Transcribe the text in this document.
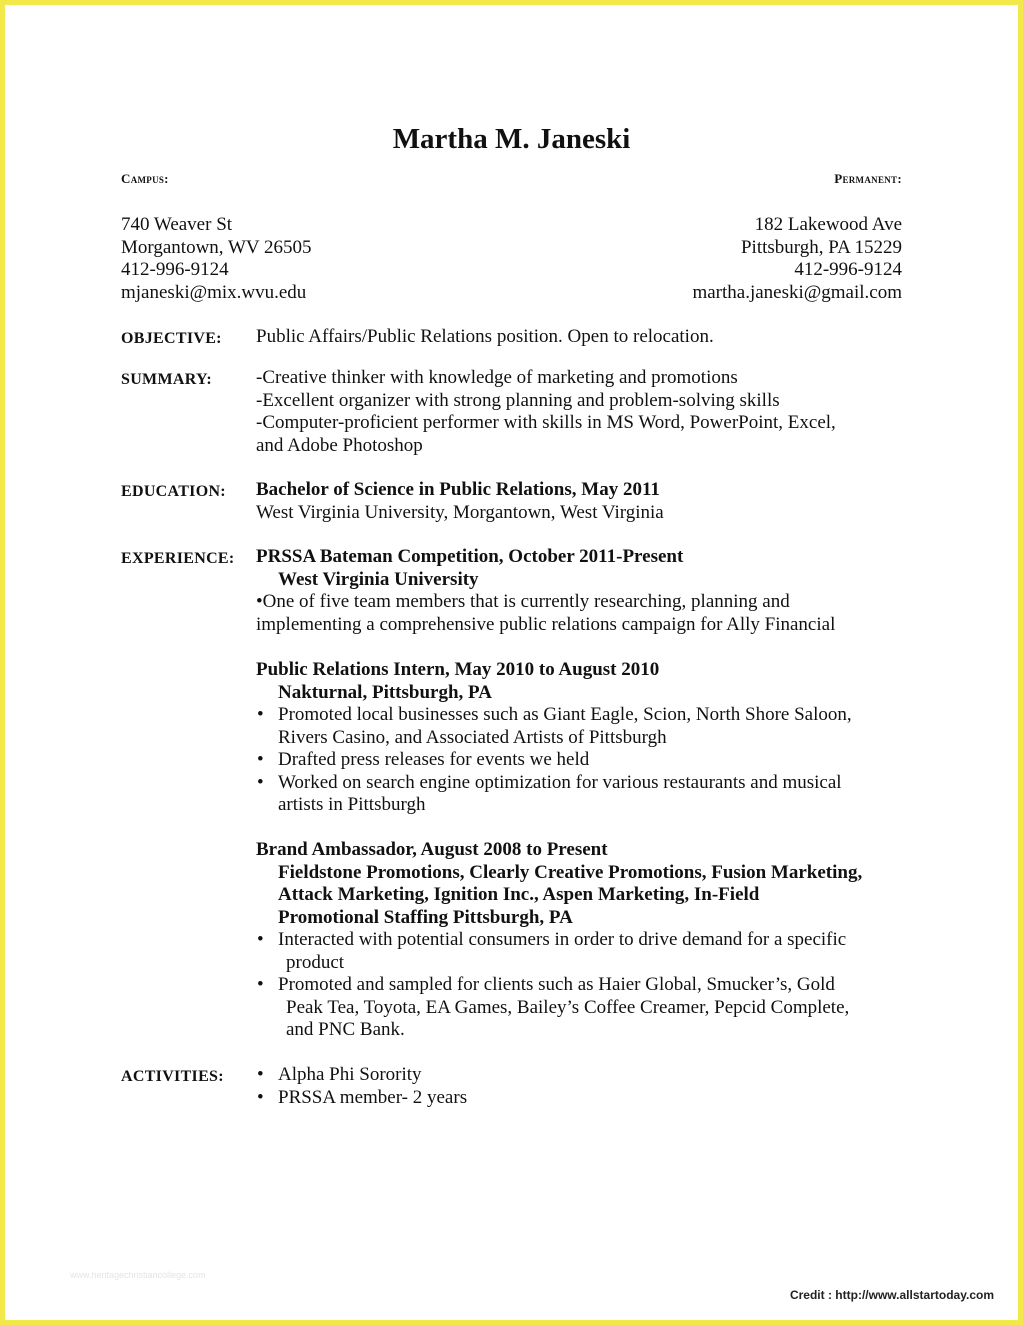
Martha M. Janeski
Campus:
740 Weaver St
Morgantown, WV 26505
412-996-9124
mjaneski@mix.wvu.edu
Permanent:
182 Lakewood Ave
Pittsburgh, PA 15229
412-996-9124
martha.janeski@gmail.com
OBJECTIVE: Public Affairs/Public Relations position. Open to relocation.
SUMMARY: -Creative thinker with knowledge of marketing and promotions
-Excellent organizer with strong planning and problem-solving skills
-Computer-proficient performer with skills in MS Word, PowerPoint, Excel,
and Adobe Photoshop
EDUCATION: Bachelor of Science in Public Relations, May 2011
West Virginia University, Morgantown, West Virginia
EXPERIENCE: PRSSA Bateman Competition, October 2011-Present
West Virginia University
•One of five team members that is currently researching, planning and
implementing a comprehensive public relations campaign for Ally Financial
Public Relations Intern, May 2010 to August 2010
Nakturnal, Pittsburgh, PA
• Promoted local businesses such as Giant Eagle, Scion, North Shore Saloon,
Rivers Casino, and Associated Artists of Pittsburgh
• Drafted press releases for events we held
• Worked on search engine optimization for various restaurants and musical
artists in Pittsburgh
Brand Ambassador, August 2008 to Present
Fieldstone Promotions, Clearly Creative Promotions, Fusion Marketing,
Attack Marketing, Ignition Inc., Aspen Marketing, In-Field
Promotional Staffing Pittsburgh, PA
• Interacted with potential consumers in order to drive demand for a specific
product
• Promoted and sampled for clients such as Haier Global, Smucker’s, Gold
Peak Tea, Toyota, EA Games, Bailey’s Coffee Creamer, Pepcid Complete,
and PNC Bank.
ACTIVITIES:
•	Alpha Phi Sorority
• PRSSA member- 2 years
www.heritagechristiancollege.com
Credit : http://www.allstartoday.com
